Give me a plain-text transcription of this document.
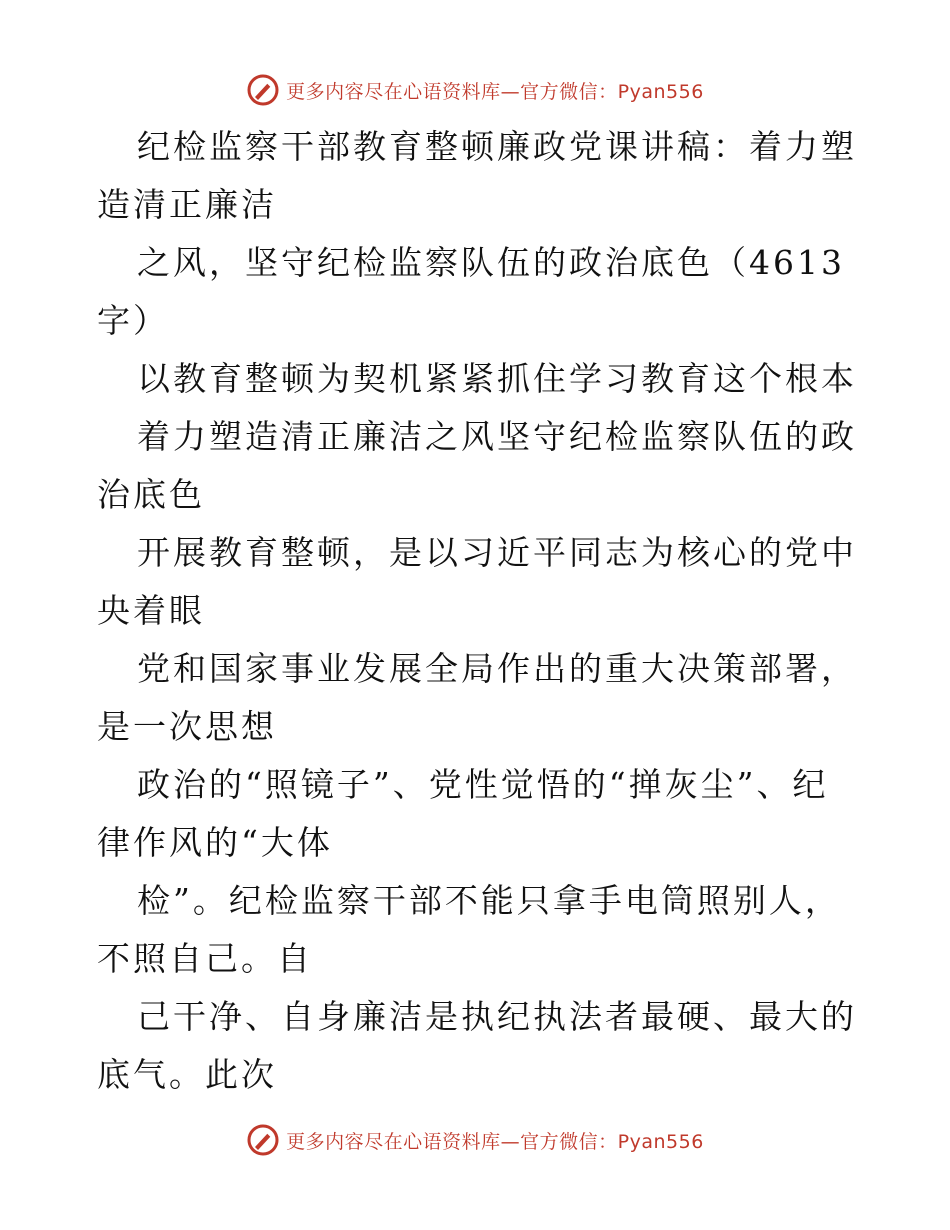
更多内容尽在心语资料库—官方微信：Pyan556

纪检监察干部教育整顿廉政党课讲稿：着力塑造清正廉洁

之风，坚守纪检监察队伍的政治底色（4613字）

以教育整顿为契机紧紧抓住学习教育这个根本

着力塑造清正廉洁之风坚守纪检监察队伍的政治底色

开展教育整顿，是以习近平同志为核心的党中央着眼

党和国家事业发展全局作出的重大决策部署，是一次思想

政治的“照镜子”、党性觉悟的“掸灰尘”、纪律作风的“大体

检”。纪检监察干部不能只拿手电筒照别人，不照自己。自

己干净、自身廉洁是执纪执法者最硬、最大的底气。此次

更多内容尽在心语资料库—官方微信：Pyan556
